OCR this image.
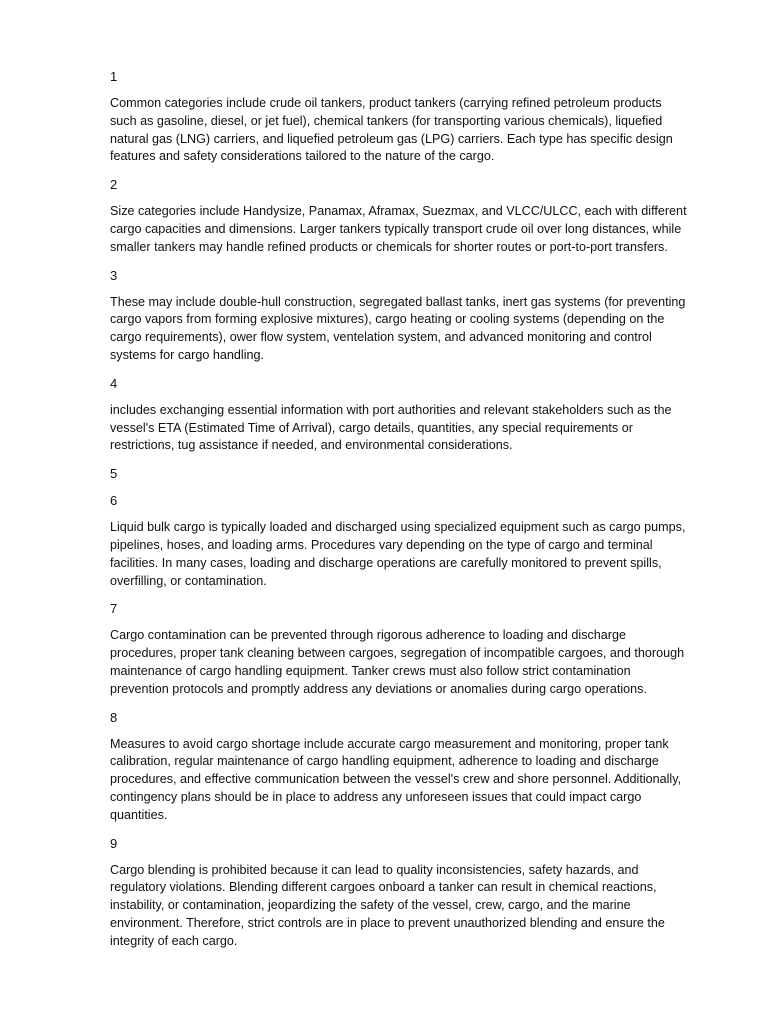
1

Common categories include crude oil tankers, product tankers (carrying refined petroleum products
such as gasoline, diesel, or jet fuel), chemical tankers (for transporting various chemicals), liquefied
natural gas (LNG) carriers, and liquefied petroleum gas (LPG) carriers. Each type has specific design
features and safety considerations tailored to the nature of the cargo.

2

Size categories include Handysize, Panamax, Aframax, Suezmax, and VLCC/ULCC, each with different
cargo capacities and dimensions. Larger tankers typically transport crude oil over long distances, while
smaller tankers may handle refined products or chemicals for shorter routes or port-to-port transfers.

3

These may include double-hull construction, segregated ballast tanks, inert gas systems (for preventing
cargo vapors from forming explosive mixtures), cargo heating or cooling systems (depending on the
cargo requirements), ower flow system, ventelation system, and advanced monitoring and control
systems for cargo handling.

4

includes exchanging essential information with port authorities and relevant stakeholders such as the
vessel's ETA (Estimated Time of Arrival), cargo details, quantities, any special requirements or
restrictions, tug assistance if needed, and environmental considerations.

5
6

Liquid bulk cargo is typically loaded and discharged using specialized equipment such as cargo pumps,
pipelines, hoses, and loading arms. Procedures vary depending on the type of cargo and terminal
facilities. In many cases, loading and discharge operations are carefully monitored to prevent spills,
overfilling, or contamination.

7

Cargo contamination can be prevented through rigorous adherence to loading and discharge
procedures, proper tank cleaning between cargoes, segregation of incompatible cargoes, and thorough
maintenance of cargo handling equipment. Tanker crews must also follow strict contamination
prevention protocols and promptly address any deviations or anomalies during cargo operations.

8

Measures to avoid cargo shortage include accurate cargo measurement and monitoring, proper tank
calibration, regular maintenance of cargo handling equipment, adherence to loading and discharge
procedures, and effective communication between the vessel's crew and shore personnel. Additionally,
contingency plans should be in place to address any unforeseen issues that could impact cargo
quantities.

9

Cargo blending is prohibited because it can lead to quality inconsistencies, safety hazards, and
regulatory violations. Blending different cargoes onboard a tanker can result in chemical reactions,
instability, or contamination, jeopardizing the safety of the vessel, crew, cargo, and the marine
environment. Therefore, strict controls are in place to prevent unauthorized blending and ensure the
integrity of each cargo.
